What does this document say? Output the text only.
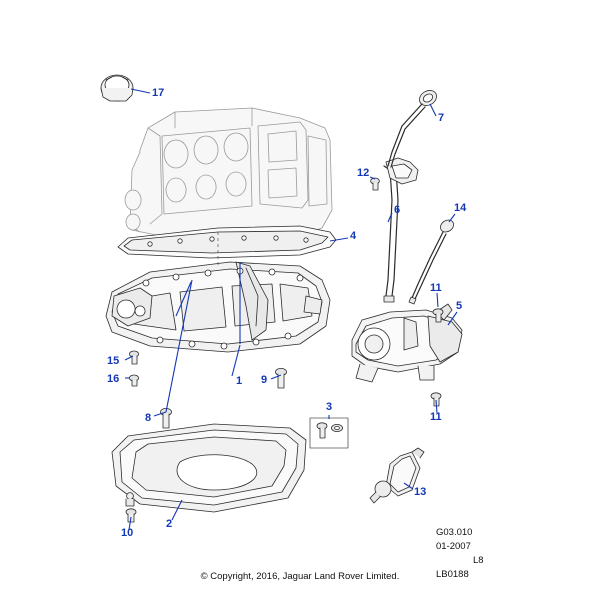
1
2
3
4
5
6
7
8
9
10
11
11
12
13
14
15
16
17
G03.010
01-2007
L8
LB0188
© Copyright, 2016, Jaguar Land Rover Limited.
